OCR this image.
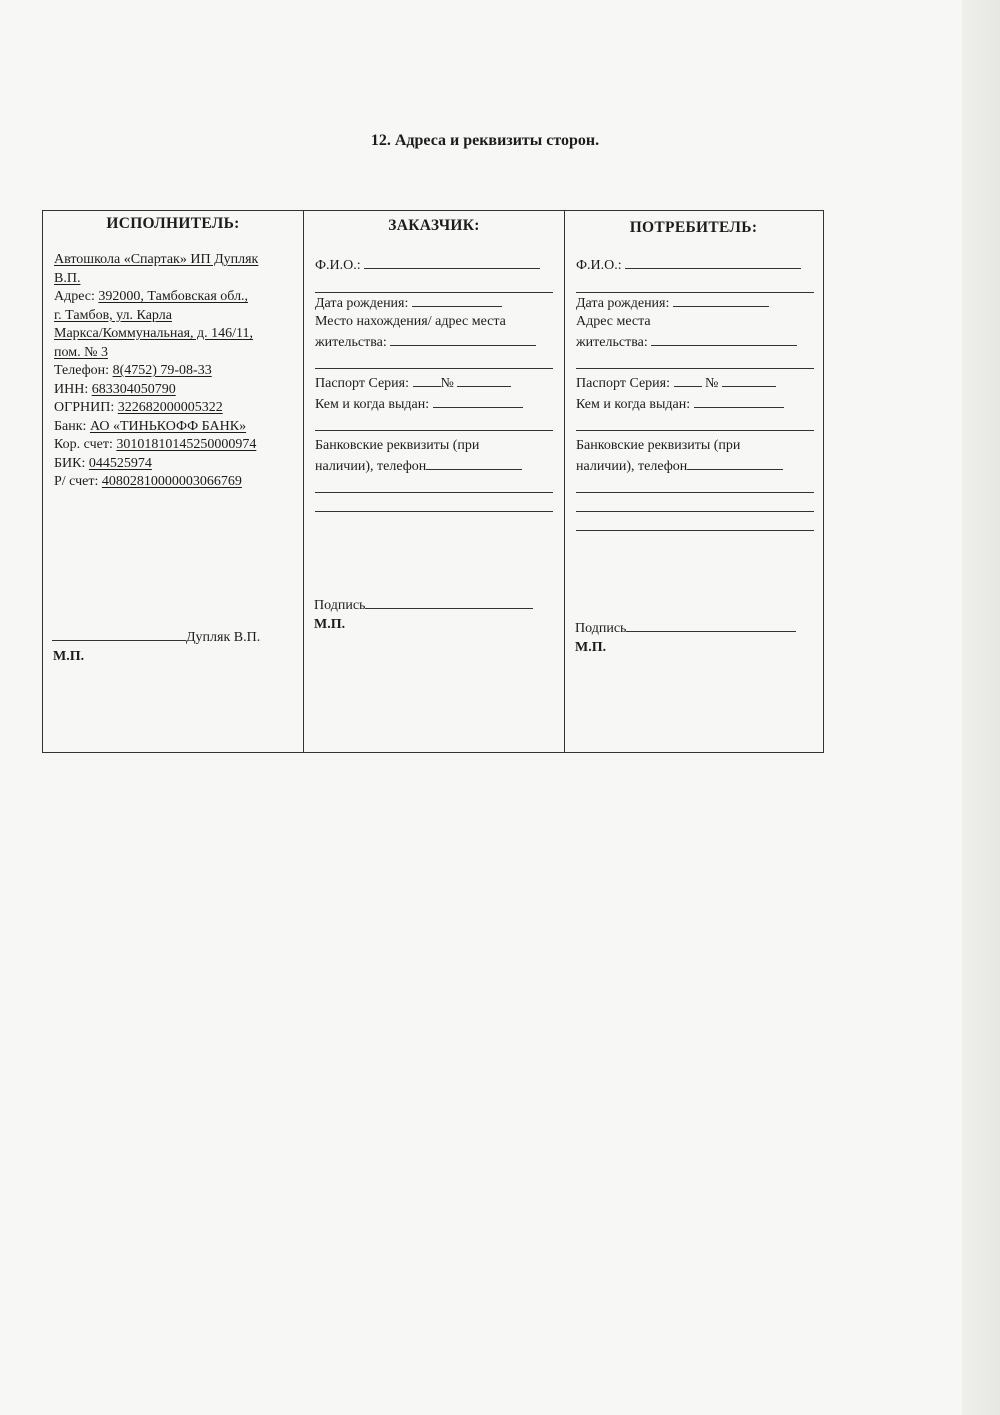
12. Адреса и реквизиты сторон.
ИСПОЛНИТЕЛЬ:
Автошкола «Спартак» ИП Дупляк
В.П.
Адрес: 392000, Тамбовская обл.,
г. Тамбов, ул. Карла
Маркса/Коммунальная, д. 146/11,
пом. № 3
Телефон: 8(4752) 79-08-33
ИНН: 683304050790
ОГРНИП: 322682000005322
Банк: АО «ТИНЬКОФФ БАНК»
Кор. счет: 30101810145250000974
БИК: 044525974
Р/ счет: 40802810000003066769
Дупляк В.П.
М.П.
ЗАКАЗЧИК:
Ф.И.О.:
Дата рождения:
Место нахождения/ адрес места
жительства:
Паспорт Серия: №
Кем и когда выдан:
Банковские реквизиты (при
наличии), телефон
Подпись
М.П.
ПОТРЕБИТЕЛЬ:
Ф.И.О.:
Дата рождения:
Адрес места
жительства:
Паспорт Серия:	№
Кем и когда выдан:
Банковские реквизиты (при
наличии), телефон
Подпись
М.П.
